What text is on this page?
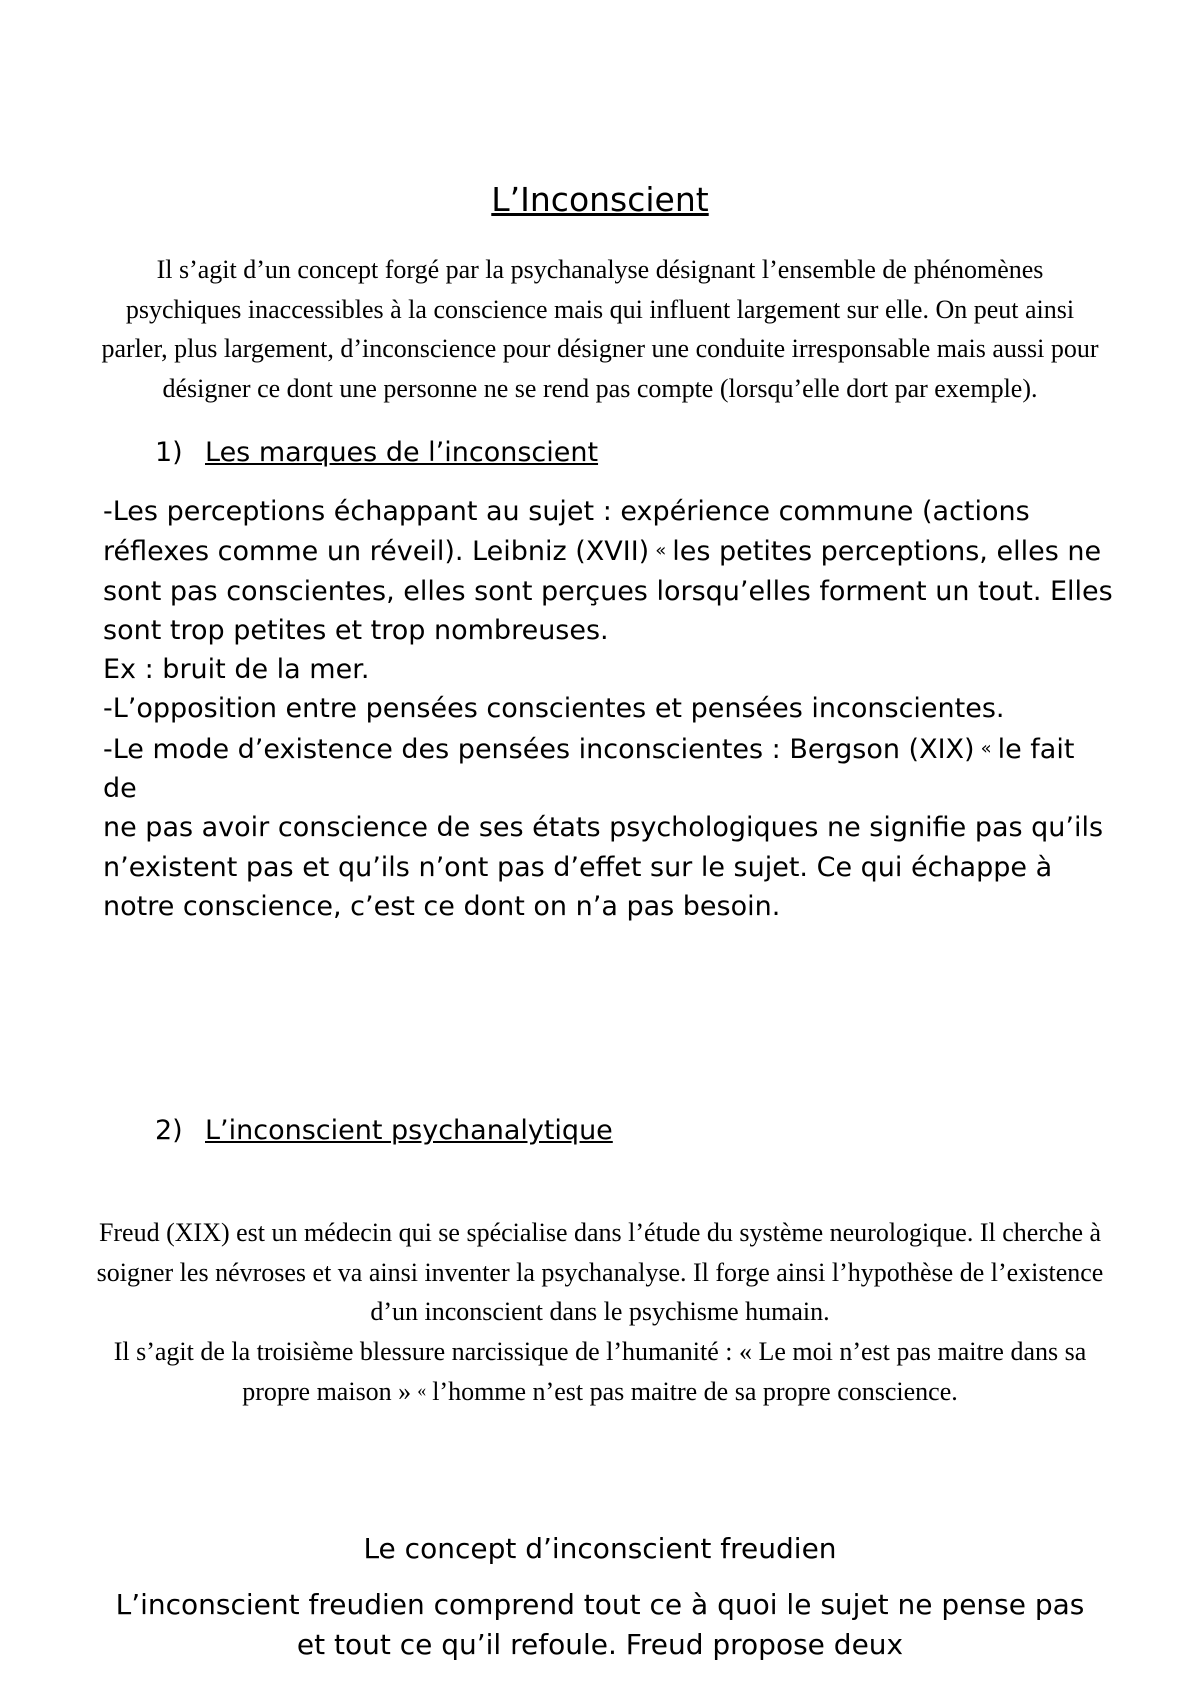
L’Inconscient

Il s’agit d’un concept forgé par la psychanalyse désignant l’ensemble de phénomènes psychiques inaccessibles à la conscience mais qui influent largement sur elle. On peut ainsi parler, plus largement, d’inconscience pour désigner une conduite irresponsable mais aussi pour désigner ce dont une personne ne se rend pas compte (lorsqu’elle dort par exemple).

1) Les marques de l’inconscient

-Les perceptions échappant au sujet : expérience commune (actions réflexes comme un réveil). Leibniz (XVII) « les petites perceptions, elles ne sont pas conscientes, elles sont perçues lorsqu’elles forment un tout. Elles sont trop petites et trop nombreuses.

Ex : bruit de la mer.

-L’opposition entre pensées conscientes et pensées inconscientes.

-Le mode d’existence des pensées inconscientes : Bergson (XIX) « le fait de

ne pas avoir conscience de ses états psychologiques ne signifie pas qu’ils

n’existent pas et qu’ils n’ont pas d’effet sur le sujet. Ce qui échappe à notre conscience, c’est ce dont on n’a pas besoin.

2) L’inconscient psychanalytique

Freud (XIX) est un médecin qui se spécialise dans l’étude du système neurologique. Il cherche à soigner les névroses et va ainsi inventer la psychanalyse. Il forge ainsi l’hypothèse de l’existence d’un inconscient dans le psychisme humain.

Il s’agit de la troisième blessure narcissique de l’humanité : « Le moi n’est pas maitre dans sa propre maison » « l’homme n’est pas maitre de sa propre conscience.

Le concept d’inconscient freudien

L’inconscient freudien comprend tout ce à quoi le sujet ne pense pas et tout ce qu’il refoule. Freud propose deux
